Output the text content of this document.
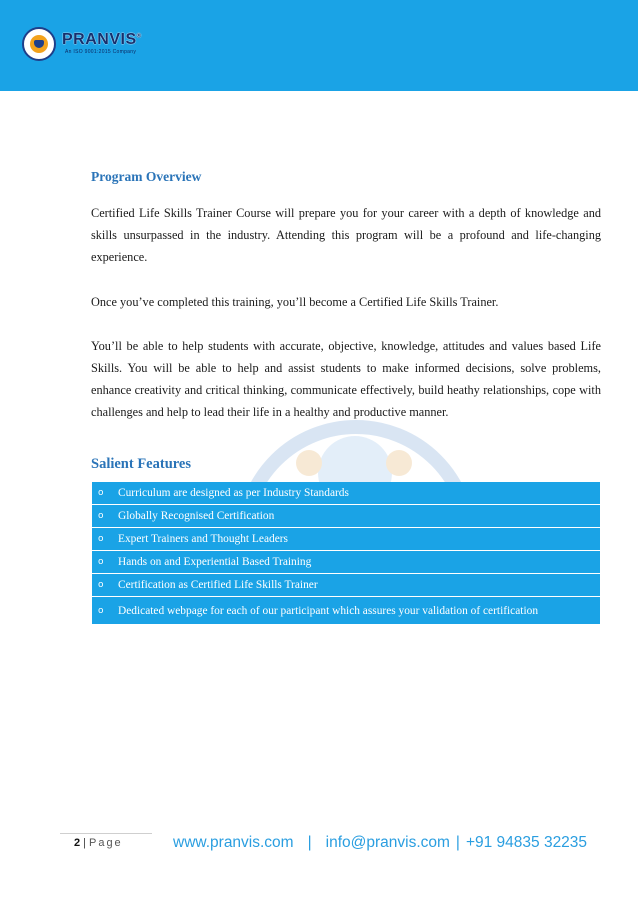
PRANVIS®
An ISO 9001:2015 Company

Program Overview

Certified Life Skills Trainer Course will prepare you for your career with a depth of knowledge and skills unsurpassed in the industry. Attending this program will be a profound and life-changing experience.

Once you’ve completed this training, you’ll become a Certified Life Skills Trainer.

You’ll be able to help students with accurate, objective, knowledge, attitudes and values based Life Skills. You will be able to help and assist students to make informed decisions, solve problems, enhance creativity and critical thinking, communicate effectively, build heathy relationships, cope with challenges and help to lead their life in a healthy and productive manner.

Salient Features
o	Curriculum are designed as per Industry Standards
o	Globally Recognised Certification
o	Expert Trainers and Thought Leaders
o	Hands on and Experiential Based Training
o	Certification as Certified Life Skills Trainer
o	Dedicated webpage for each of our participant which assures your validation of certification
2 | Page	www.pranvis.com | info@pranvis.com | +91 94835 32235
